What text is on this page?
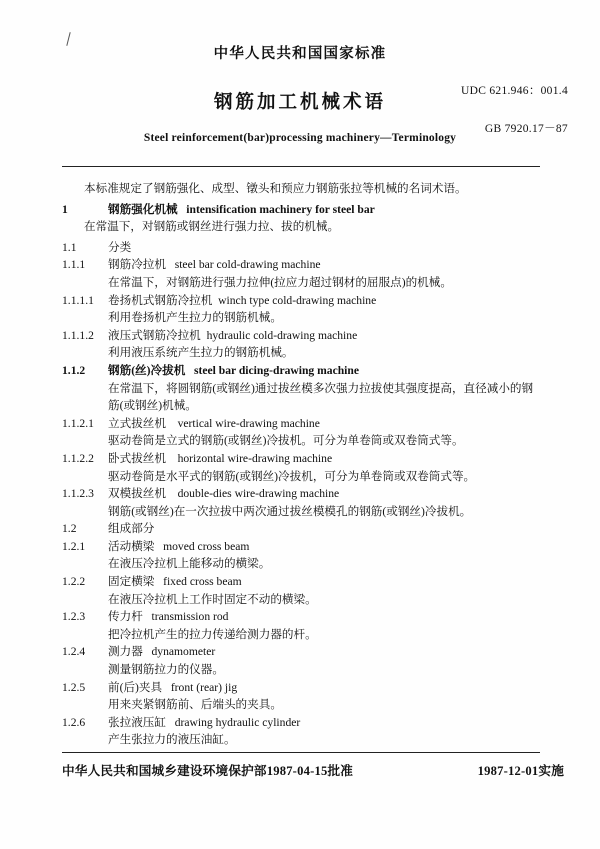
中华人民共和国国家标准
UDC 621.946：001.4
GB 7920.17－87
钢筋加工机械术语
Steel reinforcement(bar)processing machinery—Terminology
本标准规定了钢筋强化、成型、镦头和预应力钢筋张拉等机械的名词术语。
1	钢筋强化机械 intensification machinery for steel bar
在常温下，对钢筋或钢丝进行强力拉、拔的机械。
1.1	分类
1.1.1 钢筋冷拉机 steel bar cold-drawing machine
在常温下，对钢筋进行强力拉伸(拉应力超过钢材的屈服点)的机械。
1.1.1.1 卷扬机式钢筋冷拉机 winch type cold-drawing machine
利用卷扬机产生拉力的钢筋机械。
1.1.1.2 液压式钢筋冷拉机 hydraulic cold-drawing machine
利用液压系统产生拉力的钢筋机械。
1.1.2 钢筋(丝)冷拔机 steel bar dicing-drawing machine
在常温下，将圆钢筋(或钢丝)通过拔丝模多次强力拉拔使其强度提高，直径减小的钢筋(或钢丝)机械。
1.1.2.1 立式拔丝机 vertical wire-drawing machine
驱动卷筒是立式的钢筋(或钢丝)冷拔机。可分为单卷筒或双卷筒式等。
1.1.2.2 卧式拔丝机 horizontal wire-drawing machine
驱动卷筒是水平式的钢筋(或钢丝)冷拔机，可分为单卷筒或双卷筒式等。
1.1.2.3 双模拔丝机 double-dies wire-drawing machine
钢筋(或钢丝)在一次拉拔中两次通过拔丝模模孔的钢筋(或钢丝)冷拔机。
1.2	组成部分
1.2.1 活动横梁 moved cross beam
在液压冷拉机上能移动的横梁。
1.2.2 固定横梁 fixed cross beam
在液压冷拉机上工作时固定不动的横梁。
1.2.3 传力杆 transmission rod
把冷拉机产生的拉力传递给测力器的杆。
1.2.4 测力器 dynamometer
测量钢筋拉力的仪器。
1.2.5 前(后)夹具 front (rear) jig
用来夹紧钢筋前、后端头的夹具。
1.2.6 张拉液压缸 drawing hydraulic cylinder
产生张拉力的液压油缸。
中华人民共和国城乡建设环境保护部1987-04-15批准	1987-12-01实施
